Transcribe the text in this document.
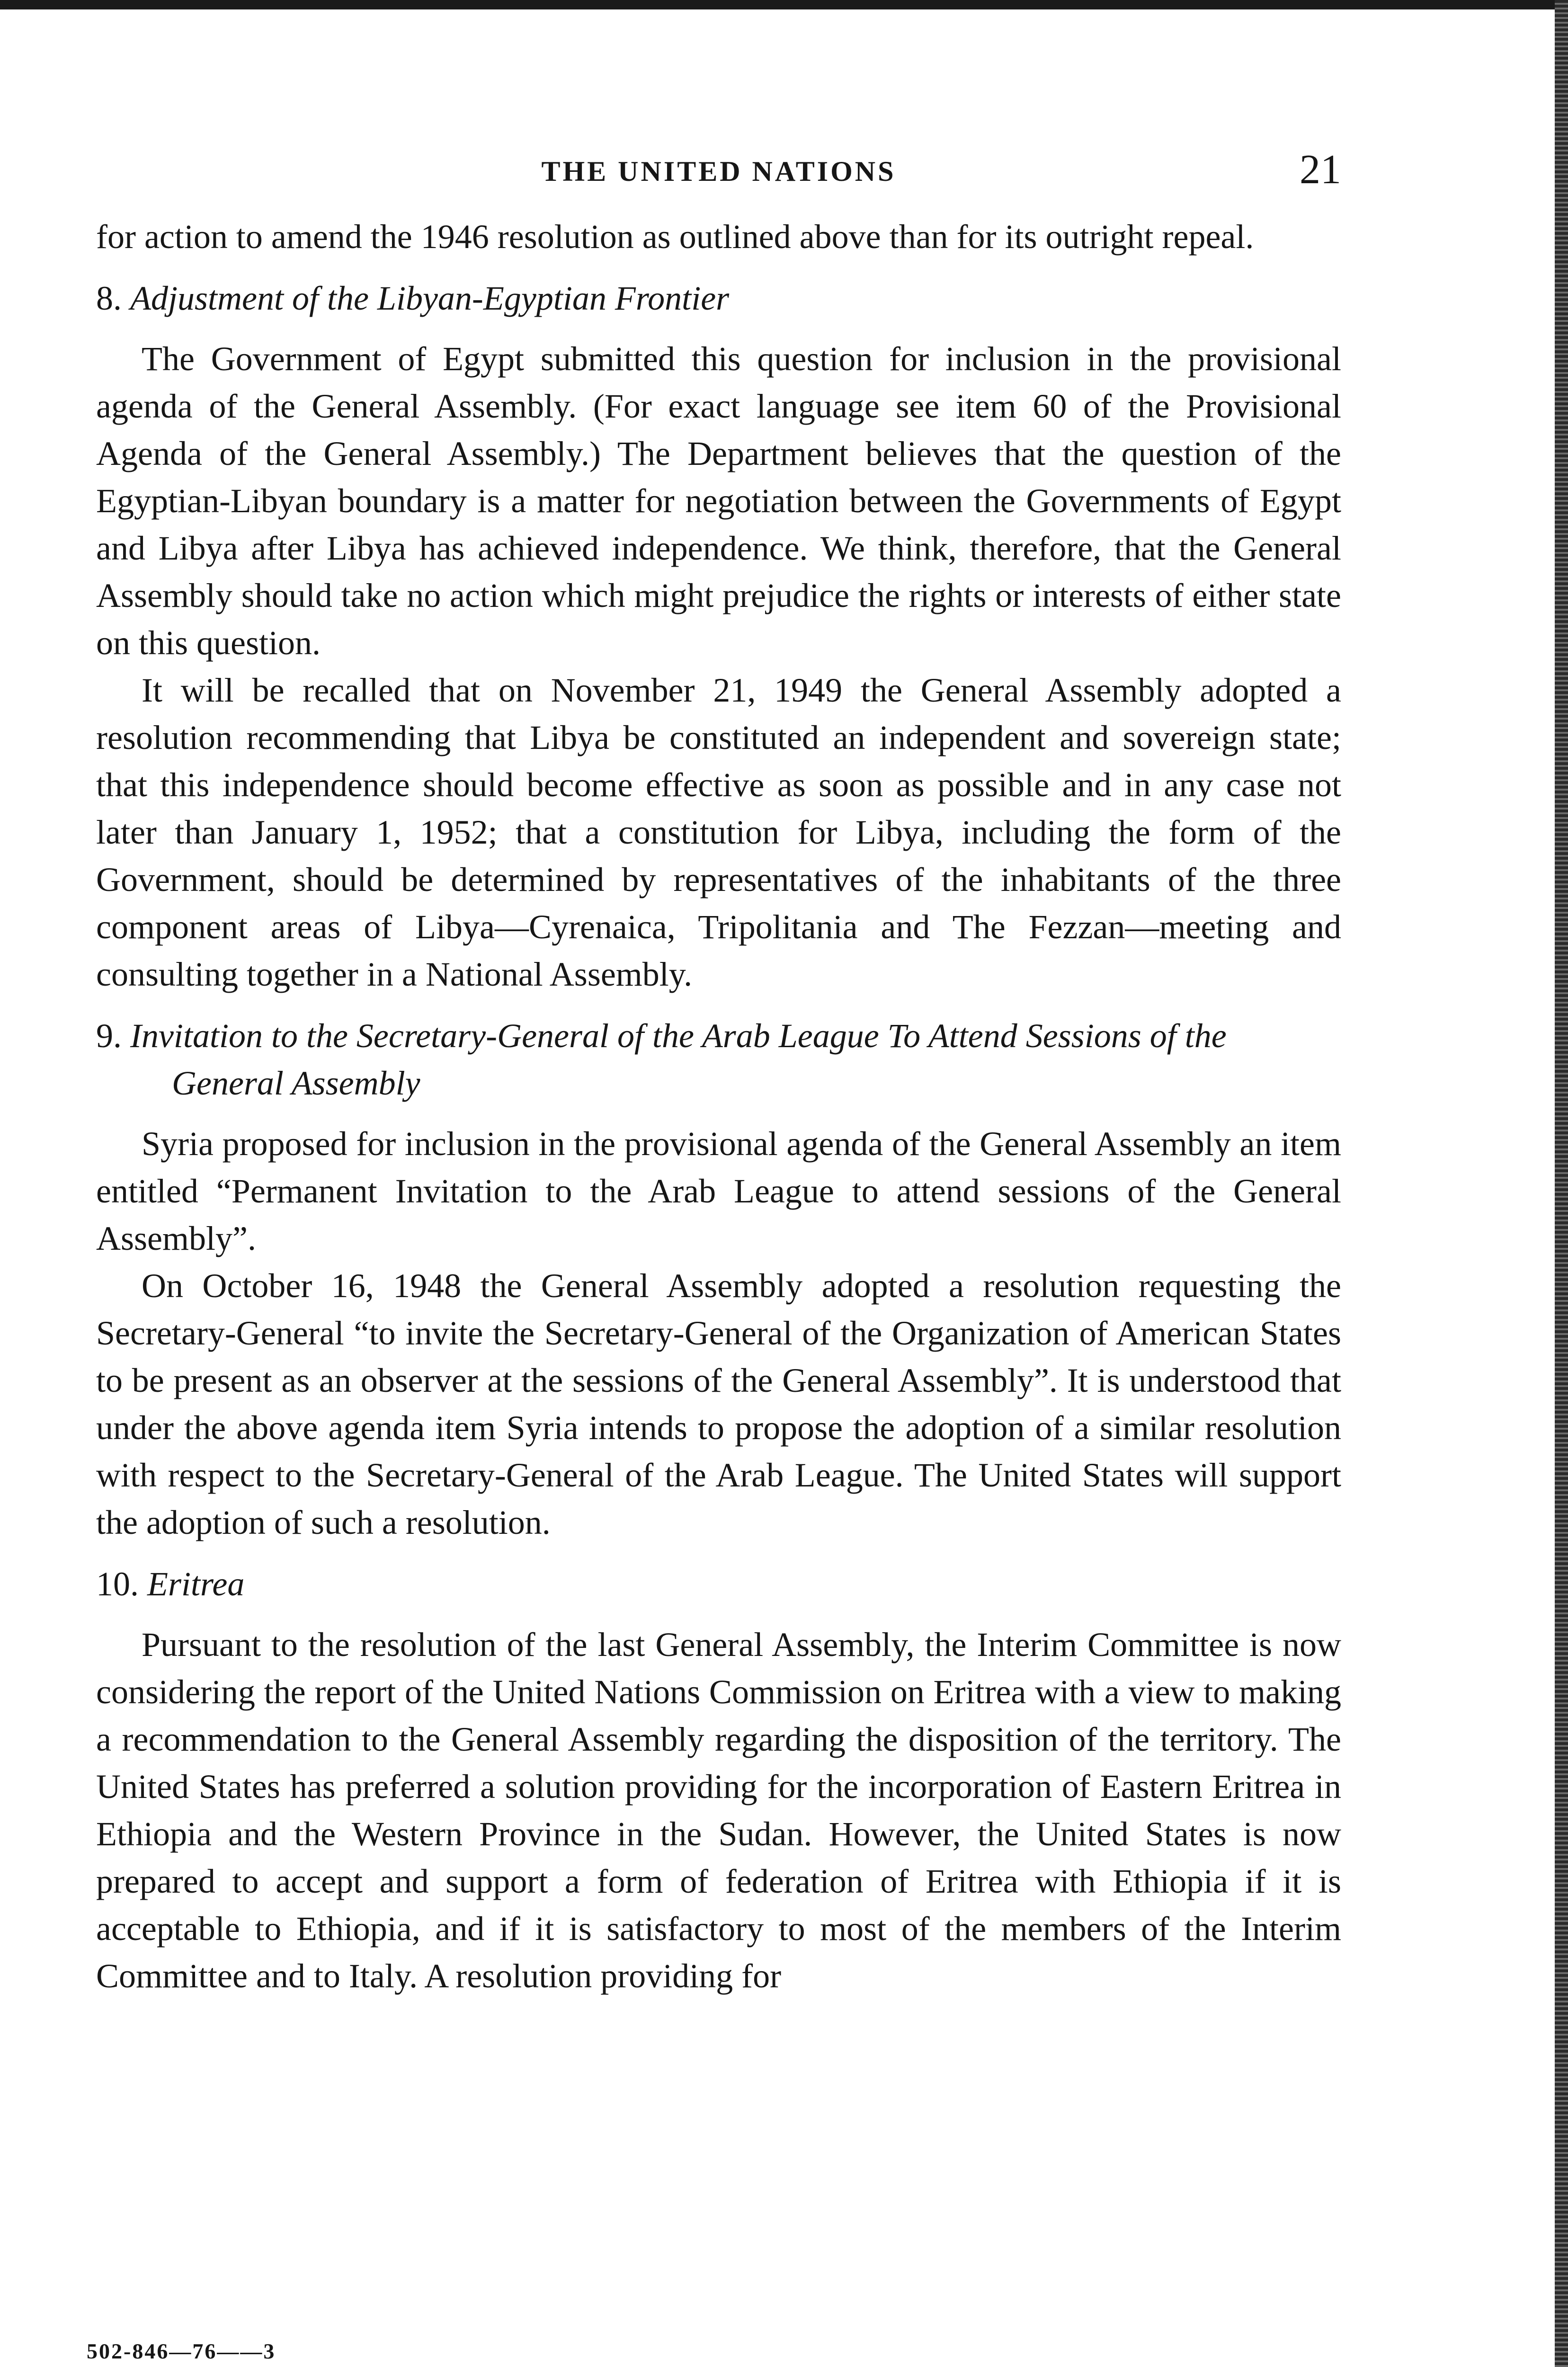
THE UNITED NATIONS	21

for action to amend the 1946 resolution as outlined above than for its outright repeal.

8. Adjustment of the Libyan-Egyptian Frontier

The Government of Egypt submitted this question for inclusion in the provisional agenda of the General Assembly. (For exact language see item 60 of the Provisional Agenda of the General Assembly.) The Department believes that the question of the Egyptian-Libyan boundary is a matter for negotiation between the Governments of Egypt and Libya after Libya has achieved independence. We think, therefore, that the General Assembly should take no action which might prejudice the rights or interests of either state on this question.

It will be recalled that on November 21, 1949 the General Assembly adopted a resolution recommending that Libya be constituted an independent and sovereign state; that this independence should become effective as soon as possible and in any case not later than January 1, 1952; that a constitution for Libya, including the form of the Government, should be determined by representatives of the inhabitants of the three component areas of Libya—Cyrenaica, Tripolitania and The Fezzan—meeting and consulting together in a National Assembly.

9. Invitation to the Secretary-General of the Arab League To Attend Sessions of the General Assembly

Syria proposed for inclusion in the provisional agenda of the General Assembly an item entitled “Permanent Invitation to the Arab League to attend sessions of the General Assembly”.

On October 16, 1948 the General Assembly adopted a resolution requesting the Secretary-General “to invite the Secretary-General of the Organization of American States to be present as an observer at the sessions of the General Assembly”. It is understood that under the above agenda item Syria intends to propose the adoption of a similar resolution with respect to the Secretary-General of the Arab League. The United States will support the adoption of such a resolution.

10. Eritrea

Pursuant to the resolution of the last General Assembly, the Interim Committee is now considering the report of the United Nations Commission on Eritrea with a view to making a recommendation to the General Assembly regarding the disposition of the territory. The United States has preferred a solution providing for the incorporation of Eastern Eritrea in Ethiopia and the Western Province in the Sudan. However, the United States is now prepared to accept and support a form of federation of Eritrea with Ethiopia if it is acceptable to Ethiopia, and if it is satisfactory to most of the members of the Interim Committee and to Italy. A resolution providing for

502-846—76——3
